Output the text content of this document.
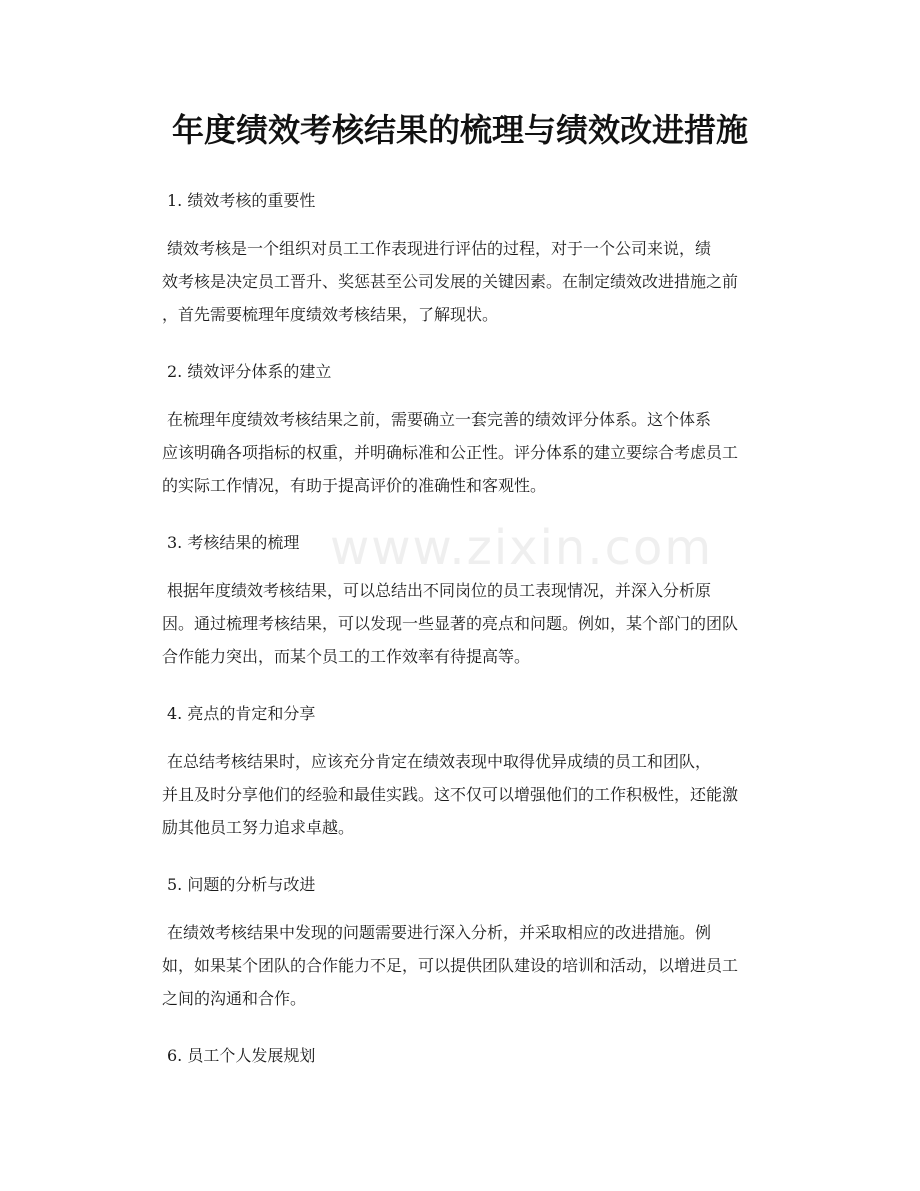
www.zixin.com
年度绩效考核结果的梳理与绩效改进措施

1. 绩效考核的重要性

绩效考核是一个组织对员工工作表现进行评估的过程，对于一个公司来说，绩
效考核是决定员工晋升、奖惩甚至公司发展的关键因素。在制定绩效改进措施之前
，首先需要梳理年度绩效考核结果，了解现状。

2. 绩效评分体系的建立

在梳理年度绩效考核结果之前，需要确立一套完善的绩效评分体系。这个体系
应该明确各项指标的权重，并明确标准和公正性。评分体系的建立要综合考虑员工
的实际工作情况，有助于提高评价的准确性和客观性。

3. 考核结果的梳理

根据年度绩效考核结果，可以总结出不同岗位的员工表现情况，并深入分析原
因。通过梳理考核结果，可以发现一些显著的亮点和问题。例如，某个部门的团队
合作能力突出，而某个员工的工作效率有待提高等。

4. 亮点的肯定和分享

在总结考核结果时，应该充分肯定在绩效表现中取得优异成绩的员工和团队，
并且及时分享他们的经验和最佳实践。这不仅可以增强他们的工作积极性，还能激
励其他员工努力追求卓越。

5. 问题的分析与改进

在绩效考核结果中发现的问题需要进行深入分析，并采取相应的改进措施。例
如，如果某个团队的合作能力不足，可以提供团队建设的培训和活动，以增进员工
之间的沟通和合作。

6. 员工个人发展规划
